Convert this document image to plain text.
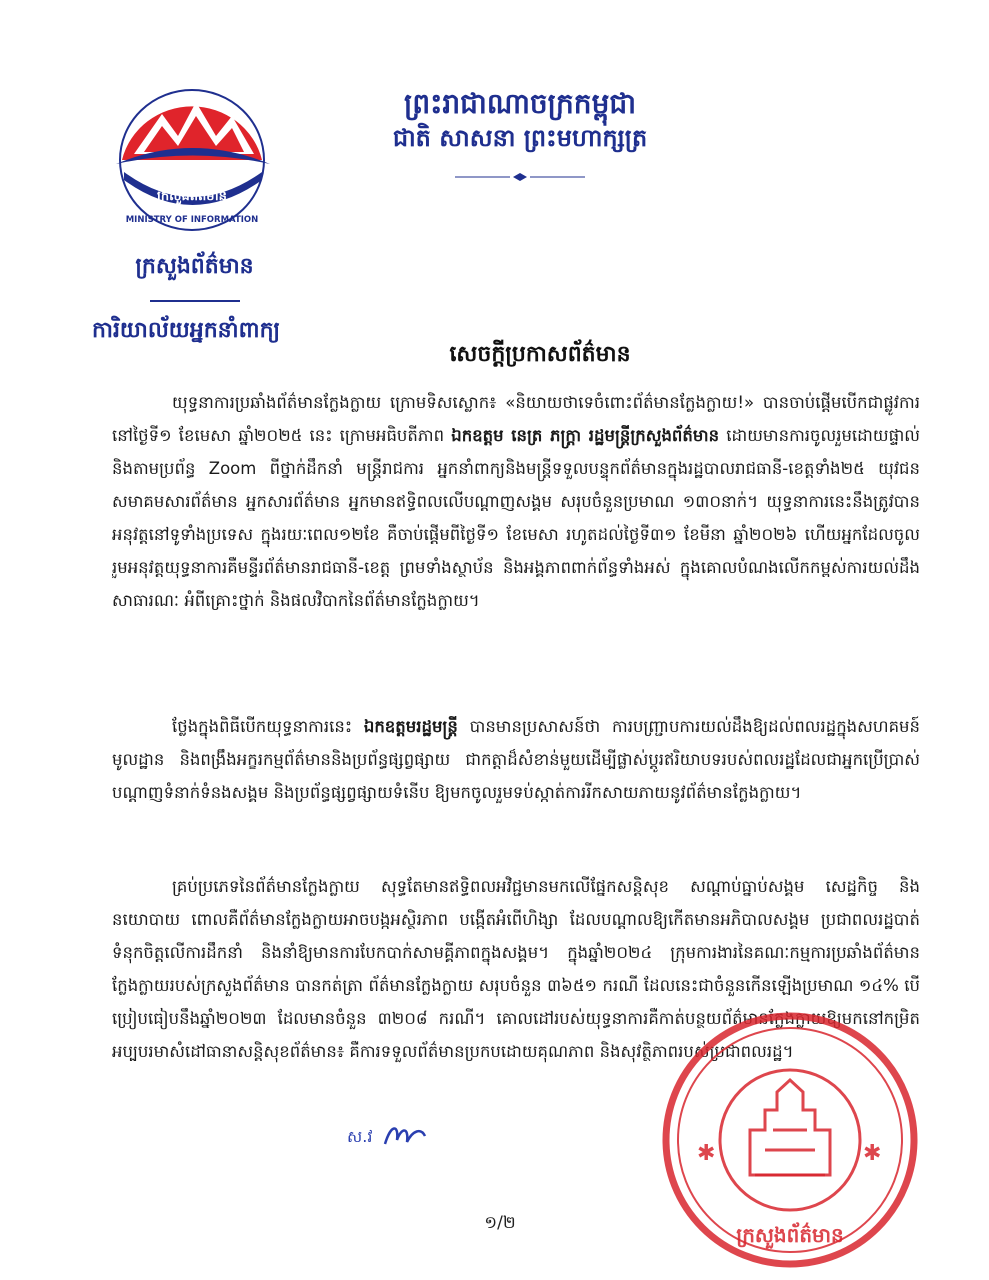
ព្រះរាជាណាចក្រកម្ពុជា
ជាតិ សាសនា ព្រះមហាក្សត្រ
ក្រសួងព័ត៌មាន
MINISTRY OF INFORMATION
ក្រសួងព័ត៌មាន
ការិយាល័យអ្នកនាំពាក្យ
សេចក្ដីប្រកាសព័ត៌មាន
យុទ្ធនាការប្រឆាំងព័ត៌មានក្លែងក្លាយ ក្រោមទិសស្លោក៖ «និយាយថាទេចំពោះព័ត៌មានក្លែងក្លាយ!» បានចាប់ផ្ដើមបើកជាផ្លូវការ នៅថ្ងៃទី១ ខែមេសា ឆ្នាំ២០២៥ នេះ ក្រោមអធិបតីភាព ឯកឧត្តម នេត្រ ភក្ត្រា រដ្ឋមន្ត្រីក្រសួងព័ត៌មាន ដោយមានការចូលរួមដោយផ្ទាល់ និងតាមប្រព័ន្ធ Zoom ពីថ្នាក់ដឹកនាំ មន្ត្រីរាជការ អ្នកនាំពាក្យនិងមន្ត្រីទទួលបន្ទុកព័ត៌មានក្នុងរដ្ឋបាលរាជធានី-ខេត្តទាំង២៥ យុវជន សមាគមសារព័ត៌មាន អ្នកសារព័ត៌មាន អ្នកមានឥទ្ធិពលលើបណ្ដាញសង្គម សរុបចំនួនប្រមាណ ១៣០នាក់។ យុទ្ធនាការនេះនឹងត្រូវបានអនុវត្តនៅទូទាំងប្រទេស ក្នុងរយៈពេល១២ខែ គឺចាប់ផ្ដើមពីថ្ងៃទី១ ខែមេសា រហូតដល់ថ្ងៃទី៣១ ខែមីនា ឆ្នាំ២០២៦ ហើយអ្នកដែលចូលរួមអនុវត្តយុទ្ធនាការគឺមន្ទីរព័ត៌មានរាជធានី-ខេត្ត ព្រមទាំងស្ថាប័ន និងអង្គភាពពាក់ព័ន្ធទាំងអស់ ក្នុងគោលបំណងលើកកម្ពស់ការយល់ដឹងសាធារណៈ អំពីគ្រោះថ្នាក់ និងផលវិបាកនៃព័ត៌មានក្លែងក្លាយ។
ថ្លែងក្នុងពិធីបើកយុទ្ធនាការនេះ ឯកឧត្តមរដ្ឋមន្ត្រី បានមានប្រសាសន៍ថា ការបញ្ជ្រាបការយល់ដឹងឱ្យដល់ពលរដ្ឋក្នុងសហគមន៍មូលដ្ឋាន និងពង្រឹងអក្ខរកម្មព័ត៌មាននិងប្រព័ន្ធផ្សព្វផ្សាយ ជាកត្តាដ៏សំខាន់មួយដើម្បីផ្លាស់ប្ដូរឥរិយាបទរបស់ពលរដ្ឋដែលជាអ្នកប្រើប្រាស់បណ្ដាញទំនាក់ទំនងសង្គម និងប្រព័ន្ធផ្សព្វផ្សាយទំនើប ឱ្យមកចូលរួមទប់ស្កាត់ការរីកសាយភាយនូវព័ត៌មានក្លែងក្លាយ។
គ្រប់ប្រភេទនៃព័ត៌មានក្លែងក្លាយ សុទ្ធតែមានឥទ្ធិពលអវិជ្ជមានមកលើផ្នែកសន្តិសុខ សណ្ដាប់ធ្នាប់សង្គម សេដ្ឋកិច្ច និងនយោបាយ ពោលគឺព័ត៌មានក្លែងក្លាយអាចបង្កអស្ថិរភាព បង្កើតអំពើហិង្សា ដែលបណ្ដាលឱ្យកើតមានអភិបាលសង្គម ប្រជាពលរដ្ឋបាត់ទំនុកចិត្តលើការដឹកនាំ និងនាំឱ្យមានការបែកបាក់សាមគ្គីភាពក្នុងសង្គម។ ក្នុងឆ្នាំ២០២៤ ក្រុមការងារនៃគណៈកម្មការប្រឆាំងព័ត៌មានក្លែងក្លាយរបស់ក្រសួងព័ត៌មាន បានកត់ត្រា ព័ត៌មានក្លែងក្លាយ សរុបចំនួន ៣៦៥១ ករណី ដែលនេះជាចំនួនកើនឡើងប្រមាណ ១៤% បើប្រៀបធៀបនឹងឆ្នាំ២០២៣ ដែលមានចំនួន ៣២០៨ ករណី។ គោលដៅរបស់យុទ្ធនាការគឺកាត់បន្ថយព័ត៌មានក្លែងក្លាយឱ្យមកនៅកម្រិតអប្បបរមាសំដៅធានាសន្តិសុខព័ត៌មាន៖ គឺការទទួលព័ត៌មានប្រកបដោយគុណភាព និងសុវត្ថិភាពរបស់ប្រជាពលរដ្ឋ។
ស.វ
✱	✱
ក្រសួងព័ត៌មាន
១/២
